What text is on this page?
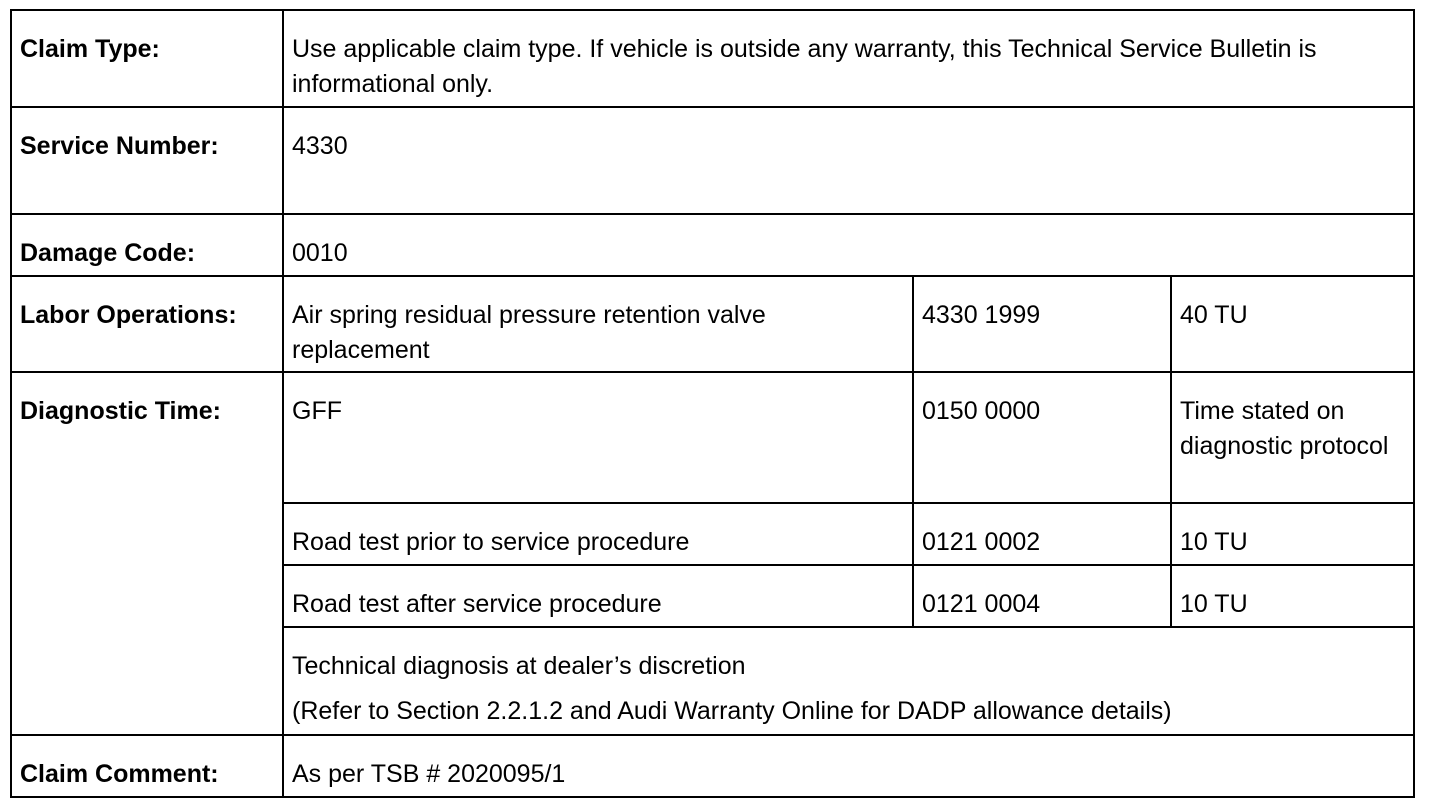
Claim Type:	Use applicable claim type. If vehicle is outside any warranty, this Technical Service Bulletin is informational only.		
Service Number:	4330		
Damage Code:	0010		
Labor Operations:	Air spring residual pressure retention valve replacement	4330 1999	40 TU
Diagnostic Time:	GFF	0150 0000	Time stated on diagnostic protocol
	Road test prior to service procedure	0121 0002	10 TU
	Road test after service procedure	0121 0004	10 TU

	Technical diagnosis at dealer’s discretion
(Refer to Section 2.2.1.2 and Audi Warranty Online for DADP allowance details)		

Claim Comment:	As per TSB # 2020095/1		
